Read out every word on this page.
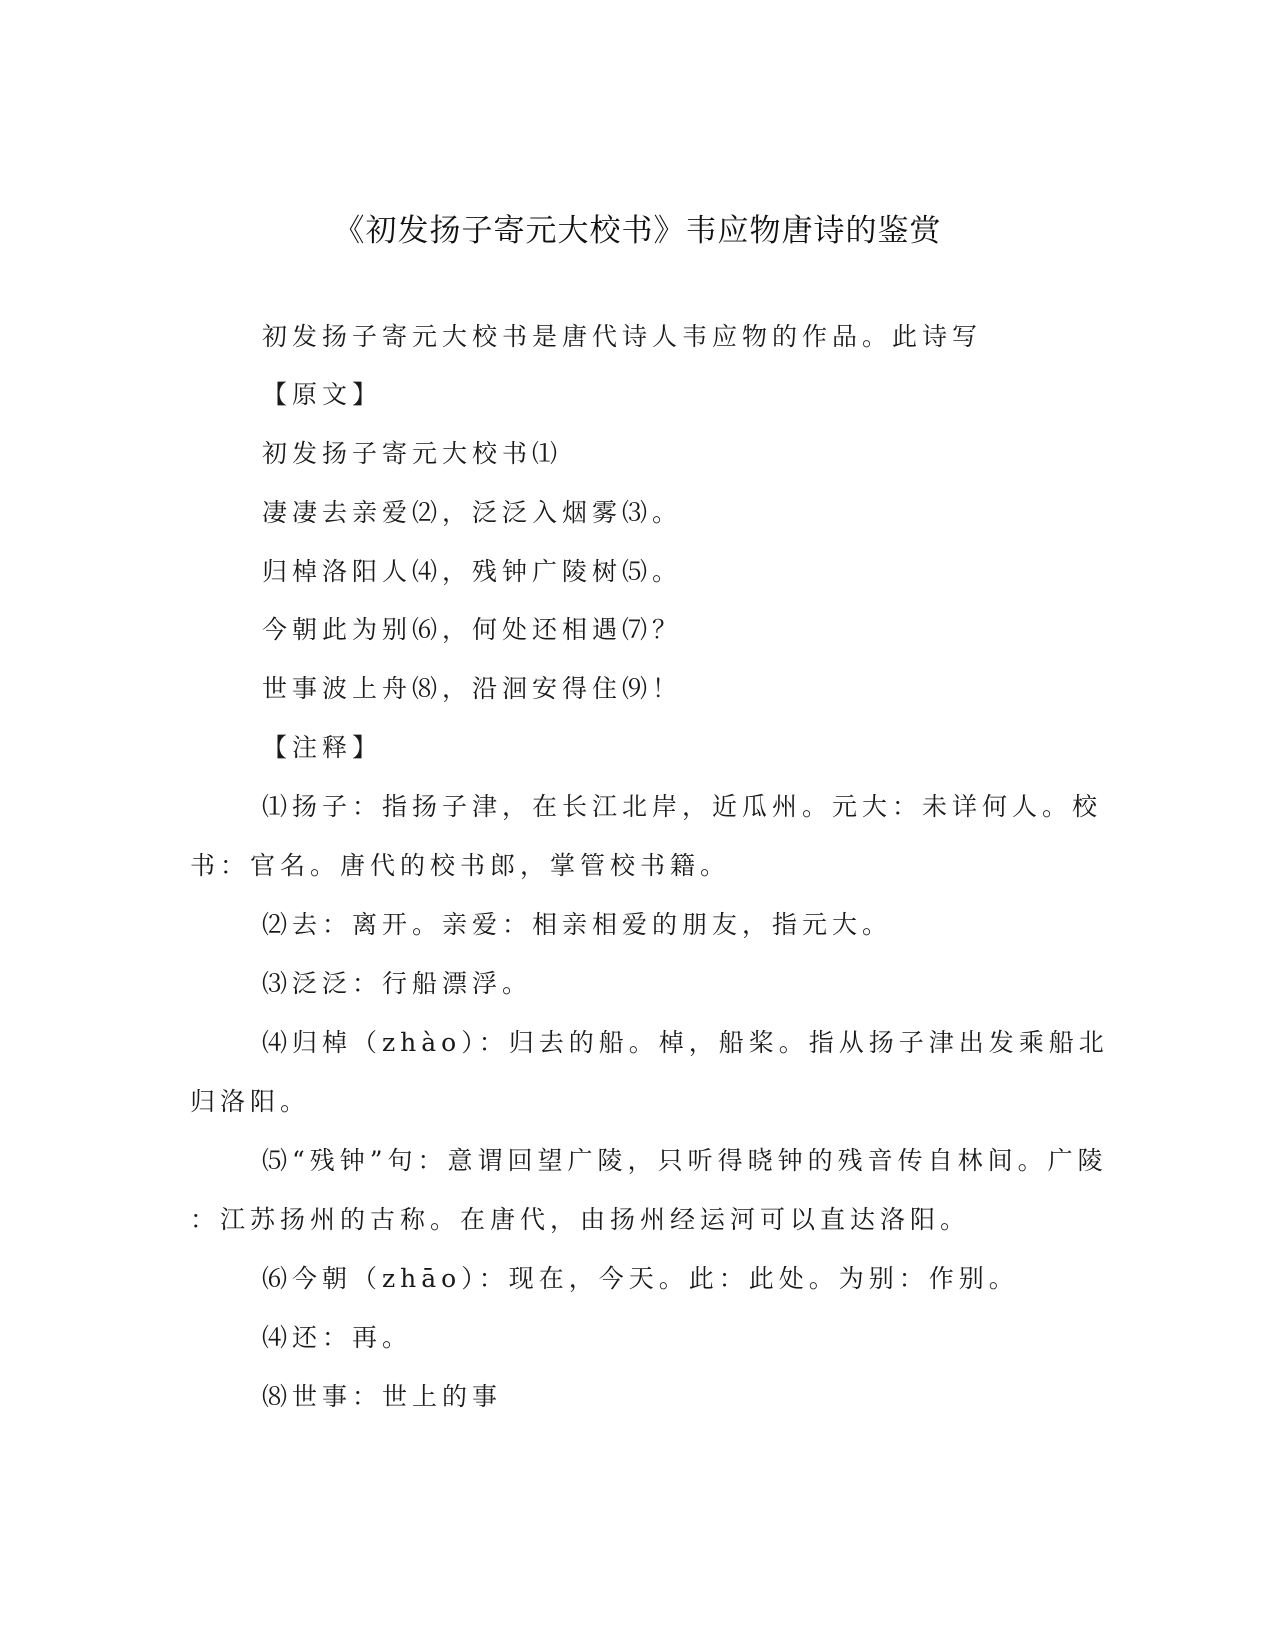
《初发扬子寄元大校书》韦应物唐诗的鉴赏
初发扬子寄元大校书是唐代诗人韦应物的作品。此诗写
【原文】
初发扬子寄元大校书⑴
凄凄去亲爱⑵，泛泛入烟雾⑶。
归棹洛阳人⑷，残钟广陵树⑸。
今朝此为别⑹，何处还相遇⑺？
世事波上舟⑻，沿洄安得住⑼！
【注释】
⑴扬子：指扬子津，在长江北岸，近瓜州。元大：未详何人。校
书：官名。唐代的校书郎，掌管校书籍。
⑵去：离开。亲爱：相亲相爱的朋友，指元大。
⑶泛泛：行船漂浮。
⑷归棹（zhào）：归去的船。棹，船桨。指从扬子津出发乘船北
归洛阳。
⑸“残钟”句：意谓回望广陵，只听得晓钟的残音传自林间。广陵
：江苏扬州的古称。在唐代，由扬州经运河可以直达洛阳。
⑹今朝（zhāo）：现在，今天。此：此处。为别：作别。
⑷还：再。
⑻世事：世上的事
